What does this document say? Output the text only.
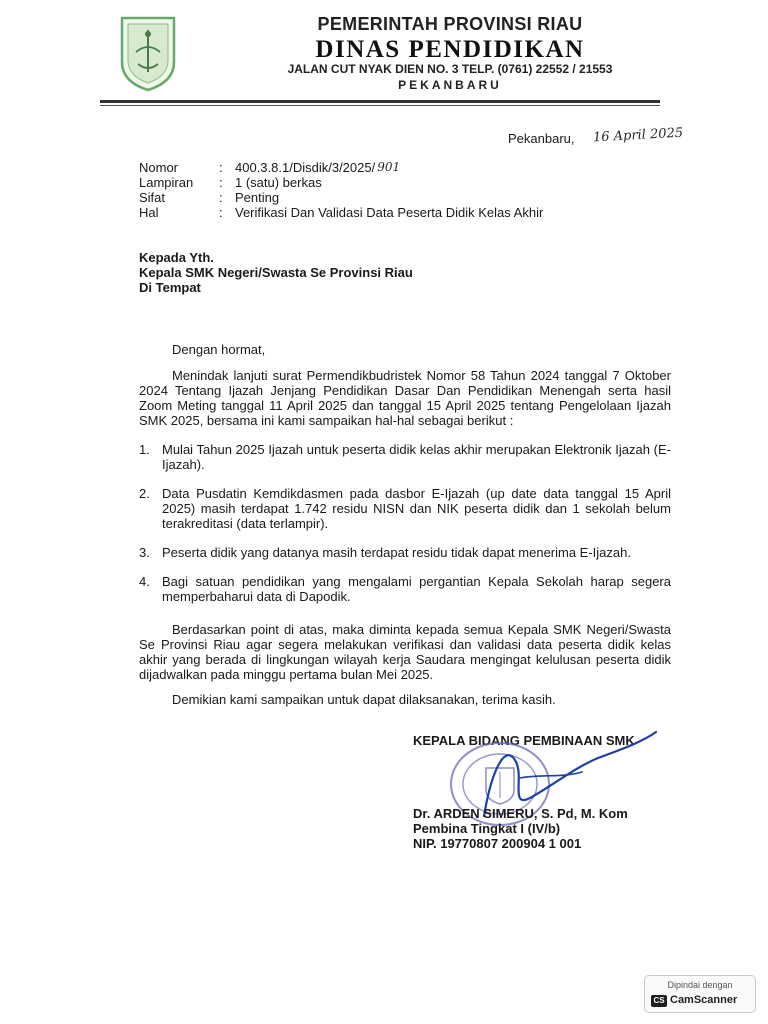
PEMERINTAH PROVINSI RIAU
DINAS PENDIDIKAN
JALAN CUT NYAK DIEN NO. 3 TELP. (0761) 22552 / 21553
PEKANBARU
Pekanbaru, 16 April 2025
Nomor	: 400.3.8.1/Disdik/3/2025/ 901
Lampiran	: 1 (satu) berkas
Sifat	: Penting
Hal	: Verifikasi Dan Validasi Data Peserta Didik Kelas Akhir
Kepada Yth.
Kepala SMK Negeri/Swasta Se Provinsi Riau
Di Tempat
Dengan hormat,
Menindak lanjuti surat Permendikbudristek Nomor 58 Tahun 2024 tanggal 7 Oktober 2024 Tentang Ijazah Jenjang Pendidikan Dasar Dan Pendidikan Menengah serta hasil Zoom Meting tanggal 11 April 2025 dan tanggal 15 April 2025 tentang Pengelolaan Ijazah SMK 2025, bersama ini kami sampaikan hal-hal sebagai berikut :
1. Mulai Tahun 2025 Ijazah untuk peserta didik kelas akhir merupakan Elektronik Ijazah (E-Ijazah).
2. Data Pusdatin Kemdikdasmen pada dasbor E-Ijazah (up date data tanggal 15 April 2025) masih terdapat 1.742 residu NISN dan NIK peserta didik dan 1 sekolah belum terakreditasi (data terlampir).
3. Peserta didik yang datanya masih terdapat residu tidak dapat menerima E-Ijazah.
4. Bagi satuan pendidikan yang mengalami pergantian Kepala Sekolah harap segera memperbaharui data di Dapodik.
Berdasarkan point di atas, maka diminta kepada semua Kepala SMK Negeri/Swasta Se Provinsi Riau agar segera melakukan verifikasi dan validasi data peserta didik kelas akhir yang berada di lingkungan wilayah kerja Saudara mengingat kelulusan peserta didik dijadwalkan pada minggu pertama bulan Mei 2025.
Demikian kami sampaikan untuk dapat dilaksanakan, terima kasih.
KEPALA BIDANG PEMBINAAN SMK
Dr. ARDEN SIMERU, S. Pd, M. Kom
Pembina Tingkat I (IV/b)
NIP. 19770807 200904 1 001
Dipindai dengan
CS CamScanner
